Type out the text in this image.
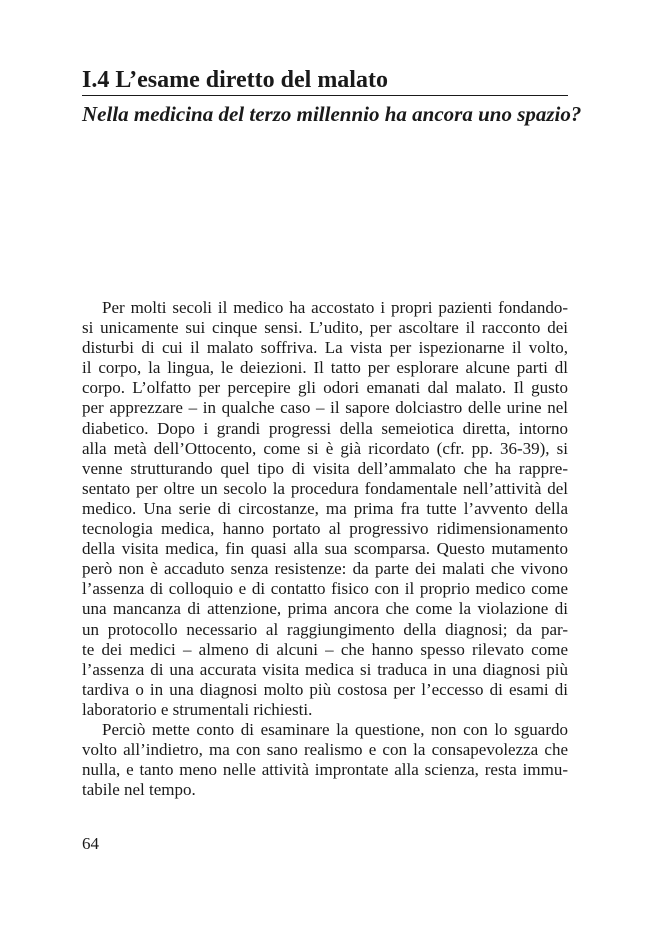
I.4 L’esame diretto del malato
Nella medicina del terzo millennio ha ancora uno spazio?
Per molti secoli il medico ha accostato i propri pazienti fondando-
si unicamente sui cinque sensi. L’udito, per ascoltare il racconto dei
disturbi di cui il malato soffriva. La vista per ispezionarne il volto,
il corpo, la lingua, le deiezioni. Il tatto per esplorare alcune parti dl
corpo. L’olfatto per percepire gli odori emanati dal malato. Il gusto
per apprezzare – in qualche caso – il sapore dolciastro delle urine nel
diabetico. Dopo i grandi progressi della semeiotica diretta, intorno
alla metà dell’Ottocento, come si è già ricordato (cfr. pp. 36-39), si
venne strutturando quel tipo di visita dell’ammalato che ha rappre-
sentato per oltre un secolo la procedura fondamentale nell’attività del
medico. Una serie di circostanze, ma prima fra tutte l’avvento della
tecnologia medica, hanno portato al progressivo ridimensionamento
della visita medica, fin quasi alla sua scomparsa. Questo mutamento
però non è accaduto senza resistenze: da parte dei malati che vivono
l’assenza di colloquio e di contatto fisico con il proprio medico come
una mancanza di attenzione, prima ancora che come la violazione di
un protocollo necessario al raggiungimento della diagnosi; da par-
te dei medici – almeno di alcuni – che hanno spesso rilevato come
l’assenza di una accurata visita medica si traduca in una diagnosi più
tardiva o in una diagnosi molto più costosa per l’eccesso di esami di
laboratorio e strumentali richiesti.
Perciò mette conto di esaminare la questione, non con lo sguardo
volto all’indietro, ma con sano realismo e con la consapevolezza che
nulla, e tanto meno nelle attività improntate alla scienza, resta immu-
tabile nel tempo.

64
